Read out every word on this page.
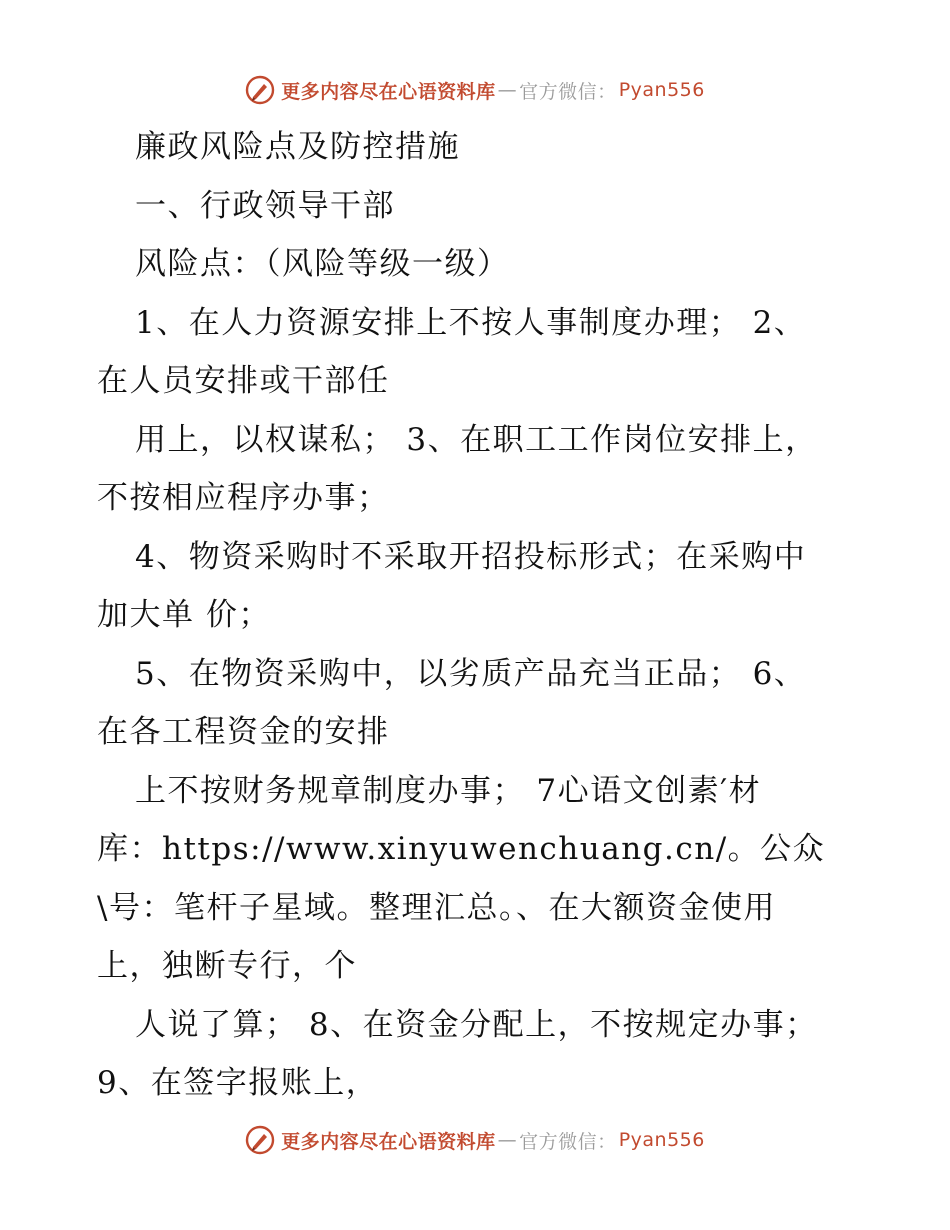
更多内容尽在心语资料库 — 官方微信： Pyan556
廉政风险点及防控措施
一、行政领导干部
风险点：（风险等级一级）
1、在人力资源安排上不按人事制度办理； 2、
在人员安排或干部任
用上，以权谋私； 3、在职工工作岗位安排上，
不按相应程序办事；
4、物资采购时不采取开招投标形式；在采购中
加大单 价；
5、在物资采购中，以劣质产品充当正品； 6、
在各工程资金的安排
上不按财务规章制度办事； 7心语文创素′材
库：https://www.xinyuwenchuang.cn/。公众
\号：笔杆子星域。整理汇总。、在大额资金使用
上，独断专行，个
人说了算； 8、在资金分配上，不按规定办事；
9、在签字报账上，
更多内容尽在心语资料库 — 官方微信： Pyan556
